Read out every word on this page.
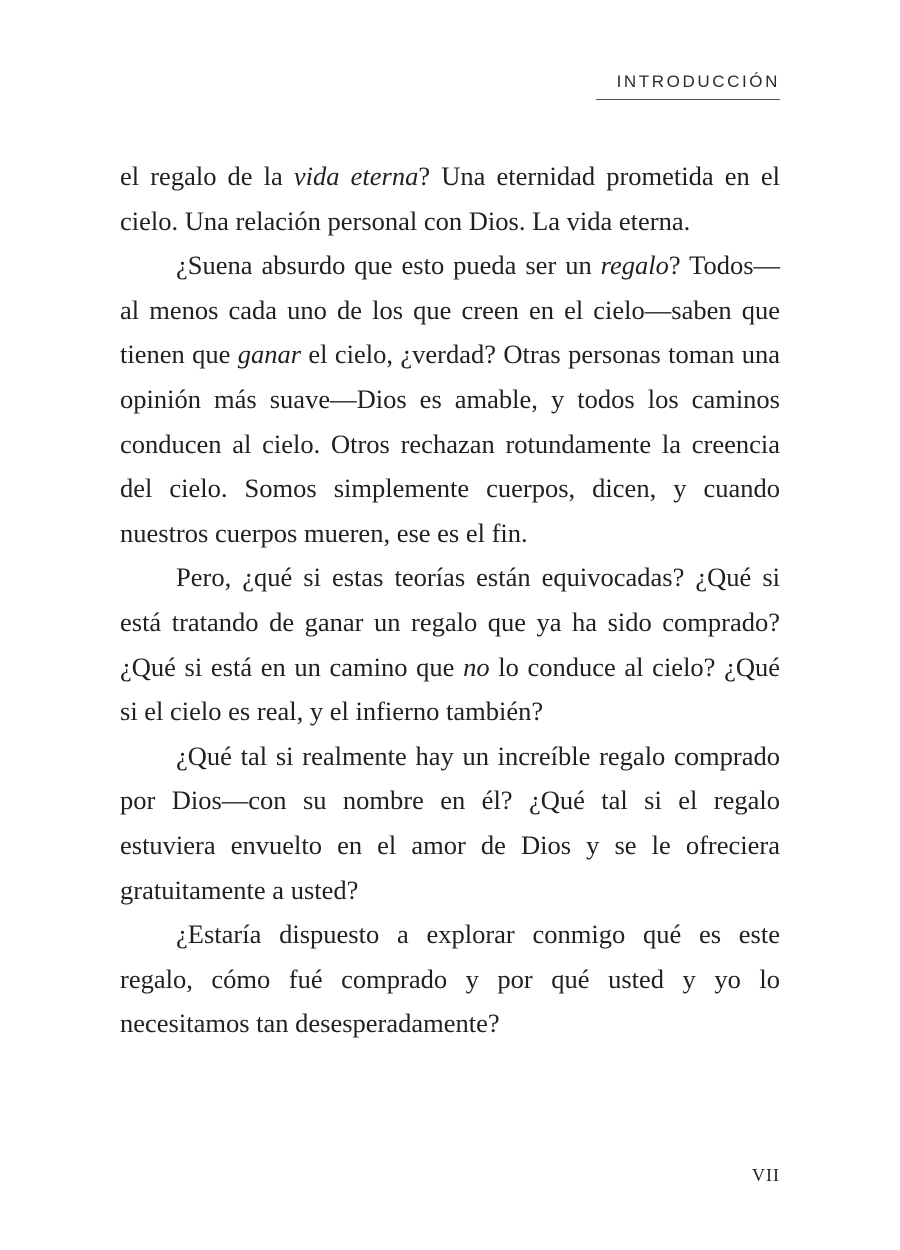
INTRODUCCIÓN

el regalo de la vida eterna? Una eternidad prometida en el cielo. Una relación personal con Dios. La vida eterna.

¿Suena absurdo que esto pueda ser un regalo? Todos—al menos cada uno de los que creen en el cielo—saben que tienen que ganar el cielo, ¿verdad? Otras personas toman una opinión más suave—Dios es amable, y todos los caminos conducen al cielo. Otros rechazan rotundamente la creencia del cielo. Somos simplemente cuerpos, dicen, y cuando nuestros cuerpos mueren, ese es el fin.

Pero, ¿qué si estas teorías están equivocadas? ¿Qué si está tratando de ganar un regalo que ya ha sido comprado? ¿Qué si está en un camino que no lo conduce al cielo? ¿Qué si el cielo es real, y el infierno también?

¿Qué tal si realmente hay un increíble regalo comprado por Dios—con su nombre en él? ¿Qué tal si el regalo estuviera envuelto en el amor de Dios y se le ofreciera gratuitamente a usted?

¿Estaría dispuesto a explorar conmigo qué es este regalo, cómo fué comprado y por qué usted y yo lo necesitamos tan desesperadamente?

VII
